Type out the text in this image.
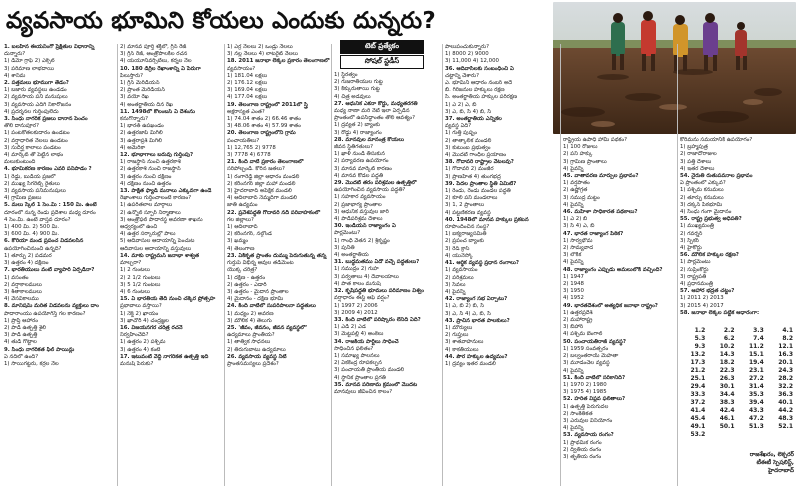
వ్యవసాయ భూమిని కోయలు ఎందుకు దున్నరు?
టెట్ ప్రత్యేకం
సోషల్ స్టడీస్

1. బలహీన ఈయనింగో ప్రేక్షితుల విధానాన్ని

దున్నారు?

1) డిమో గ్రాఫ్ 2) ఎక్సెల్

3) పరిమాణ లాభదాయి

4) శానిమ

2. పత్తమలు భూముగా తేడం?

1) బజారు వ్యవస్థలు ఉండడం

2) వ్యవసాయ పని మనుషులు

3) వ్యవసాయ ఎదిగి నికారోజనం

4) ప్రదర్శనల గుర్తింపులేదు

3. సింధు నాగరిక ప్రజలు దానాన పెంచం

తొలి దానుపూర?

1) పంటకోతలకుదారం ఉండటం

2) వర్షాధారిత నేలలు ఉండటం

3) సుదీర్ఘ కాలాలు పండటం

4) మార్కెట్ తో పెట్టిన లాభం

మలుకుంటుంది

4. భూమికరణ కారణం ఎవరి పనిపాడం ?

1) రెడ్డు, బుడియ ప్రజలో

2) ముఖ్య సిగరెట్స్ రైతులు

3) వ్యవసాయ పనిమనుషులు

4) గ్రామీణ ప్రజలు

5. మలు స్కేల్ 1 సెం.మీ : 150 మీ. ఉంటే

దూరంలో నున్న రెండు ప్రదేశాల మధ్య దూరం

4 సెం.మీ. ఉంటే వాస్తవ దూరం?

1) 400 మీ. 2) 500 మీ.

3) 600 మీ. 4) 900 మీ.

6. కొరియా మండ ప్రపంచ విడవలసిన

ఉపయోగించినుంచి ఉన్నది?

1) తూర్పు 2) పడమర

3) ఉత్తరం 4) దక్షిణం

7. భారతీయులు వంటి వ్యాపారి ఏర్పడినా?

1) వసంతం

2) వర్షాకాలములు

3) శీతాకాలములు

4) వేసవికాలము

8. మానిషమ్ మరిత విడవలను వ్యక్తులు దాం

పాదారాంయు ఉపయోగిస్తే గల కారణం?

1) ప్రాప్తి ఆహారం

2) పాడి ఉత్పత్తి శైలి

3) పాడి ఉత్పత్తి

4) తుడి గొట్టాల

9. సింధు నాగరికత ఫిల్ పాయిన్లు

ఏ నదిలో ఉంది?

1) సాయిగట్టరు, కర్రల నేల

2) మానవ పూర్తి శక్తిలో, గ్రీన్ రేజ్

3) గ్రీన్ రేజ్, ఆంత్రోపాలకిల రచన

4) యయూనివర్సిటీలు, కర్నల నేల

10. 180 డిగ్రీల రేఖాంశాన్ని ఏ పేరుగా

పిలుస్తారు?

1) గ్రీన్ మెరిడియన్

2) ప్రాంత మెరిడియన్

3) వయో రేఖ

4) అంతర్జాతీయ దిన రేఖ

11. 1498లో కొలంబస్ ఏ దేశంను

కనుగొన్నారు?

1) భారత్ ఉపఖండం

2) ఉత్తరజాప్ మిగిలి

3) ఉత్తరాప్రశ్ మిగిలి

4) అమెరికా

12. భూభాగాలు బరువు గుర్తింపు?

1) రాజస్థాన్ నుంచి ఉత్తరకాశి

2) ఉత్తరకాశి నుంచి రాజస్థాన్

3) ఉత్తరం నుంచి దక్షిణం

4) దక్షిణం నుంచి ఉత్తరం

13. పాక్షిత ఫ్యాడ్ మనాలు ఎక్కువగా ఉండే

రేఖాంశాలు గుర్తించాలంటే కారణం?

1) ఉపరితలాల మార్గాలు

2) ఉన్నోల్ స్ఫూర్ నిర్మాణాలు

3) ఆంత్రోఫల్ పాదారస్థ అవరణా శాఖను

ఆధ్వర్యంలో ఉంచి

4) ఉత్తర సర్కారుల్లో పాలు

5) ఆదివాసుల ఆదాయాన్ని పెంచుట

ఆదివాసుల ఆదాయాన్ని వస్తువులు

14. మాకు రాష్ట్రమన్ జనాభా శాశ్వత

మాల్చరా?

1) 2 గుంటలు

2) 2 1/2 గుంటలు

3) 5 1/2 గుంటలు

4) 6 గుంటలు

15. ఏ భారతీయ తేదీ నుంచి చక్కెర ప్రోత్సహ

ప్రభావాలు వస్తాయి?

1) నెక్డ్ 2) ఖాయం

3) ఖాచోరీ 4) చంద్రజ్ఞల

16. విజయనగర చరిత్ర రచనే

నిర్వహించేది?

1) ఉత్తరం 2) పశ్చిమ

3) ఉత్తరం 4) కంటె

17. ఇటువంటి వేద్దీ నాగరికత ఉత్పత్తి ఇది

మనుష్ పేరుకు?

1) ఎర్ర నేలలు 2) ఒండ్రు నేలలు

3) నల్ల నేలలు 4) లాటరైట్ నేలలు

18. 2011 జనాభా లెక్కల ప్రకారం తెలంగాణలో

వ్యవసాయం?

1) 181.04 లక్షలు

2) 176.12 లక్షలు

3) 169.04 లక్షలు

4) 177.04 లక్షలు

19. తెలంగాణ రాష్ట్రంలో 2011లో స్త్రీ

అక్షరాస్యత ఎంత?

1) 74.04 శాతం 2) 66.46 శాతం

3) 48.06 శాతం 4) 57.99 శాతం

20. తెలంగాణ రాష్ట్రంలోని గ్రామ

పంచాయతీలు?

1) 12,765 2) 9778

3) 7778 4) 6778

21. కింది వాటి ప్రకారం తెలంగాణలో

సరిపోల్చండి. కోరిన జతలు?

1) రంగారెడ్డి జిల్లా ఆధారం మండలి

2) కరీంనగర్ జిల్లా మహా మండలి

3) హైదరాబాద్ అపేక్షిక మండలి

4) ఆదిలాబాద్ నెమ్మదిగా మండలి

జాతి ఉద్యమం

22. ప్రవేశపద్ధతి గోదావరి నదీ పరివాహకంలో

గల జిల్లాలు?

1) ఆదిలాబాద్

2) కరీంనగర్, నల్గొండ

3) ఖమ్మం

4) తెలంగాణ

23. ఏకీకృత ప్రాంతం దుమ్ము పెరుగుతున్న తన్న

గుర్తుప్ విభిన్న ఆవుల తడిమెంట

యొక్క చరిత్ర?

1) దక్షిణ - ఉత్తరం

2) ఉత్తరం - ఎడారి

3) ఉత్తరం - మైదాన ప్రాంతాల

4) మైదానం - దక్షిణ భూమి

24. కింది వాటిలో సుపరిపాలనా పద్ధతులు

1) మధ్యం 2) అవరణ

3) మౌలిక 4) తెలుగు

25. 'జీవం, జీవనం, జీవన వ్యవస్థలో'

ఉద్యమాలు ప్రాంతీయ?

1) తాత్విక సాధనలు

2) తిరుగుబాటు ఉద్యమాలు

26. వ్యవసాయ వ్యవస్థ నీటి

ప్రాంతసమస్యలు ప్రదేశం?

1) స్థిరత్వం

2) గుజరాతీయుల గుట్ట

3) కిక్కురుతాయి గుట్ట

4) చిత్ర అడవులు

27. ఆధునిక ఎకనా కోర్టు, మధ్యతరగతి

మధ్య నాణా మరి నేటి ఇలా ఏర్పడిన

ప్రాంతంలో ఉపసిద్ధాంతం తొలి ఆవశ్యం?

1) ద్రవ్యత 2) బ్యాంకు

3) రోడ్డు 4) రాజ్యాంగం

28. మానవుల మానంత్ర కోయలు

జీవన స్థితిగతులు?

1) ఖాళీ నుండి తీసుకున

2) పర్యావరణ ఉపయోగం

3) మానవ మార్కెట్ కారణం

4) మానవ కోడల పద్ధతి

29. మొదటి తరం పరిశ్రమల ఉత్పత్తిలో

ఉపయోగించిన వ్యవసాయ పద్ధతి?

1) సహకార వ్యవసాయం

2) ప్రజాభాగ్య ప్రాంతాల

3) ఆధునిక వస్తువుల జారి

4) పాడిపరిశ్రమ దేశాలు

30. ఇండియన్ రాజ్యాంగం ఏ

పార్లమెంటు?

1) గాంధీ వేతన 2) శ్రీకృష్ణం

3) పునీతి

4) అంతర్జాతీయ

31. బుద్ధమతము ఏదో వచ్చే పద్ధతులు?

1) సముద్రం 2) గుహ

3) పర్వతాలు 4) దేవాలయాలు

4) పాత కాలం మనుష్

32. కృషిపద్ధతి భూమలు పరిమాణం విశ్వం

వర్షాధారం ఈస్ట్ ఆఫ్ వర్షం?

1) 1997 2) 2006

3) 2009 4) 2012

33. కింది వాటిలో పరిష్కారం లేనిది ఏది?

1) ఎడి 2) ఎడ

3) మెట్టపల్లి 4) అంకెలు

34. రాజకీయ పార్టీలు సాధించే

సాధించిన ఫలితం?

1) సమాఖ్య పాలనలు

2) ఏకకేంద్ర రూపకల్పన

3) పంచాయతీ ప్రాంతీయ మండలి

4) స్థానిక ప్రాంతాల ప్రగతి

35. మానవ పరిణామ క్రమంలో మొదట

మానవులు జీవించిన కాలం?

పాలుపంచుకున్నారు?

1) 8000 2) 9000

3) 11,000 4) 12,000

36. ఆదివాసీలకు సంబంధించి ఏ

చట్టాన్ని చేశారు?

ఎ. భూమిని ఆధారం నంబర్ అదే

బి. గిరిజనుల హక్కులు రక్షణ

సి. అంతర్జాతీయ హక్కుల పరిరక్షణ

1) ఎ 2) ఎ, బి

3) ఎ, బి, సి 4) బి, సి

37. అంతర్జాతీయ ఎన్నికల

వ్యవస్థ ఏది?

1) గుత్తి పుష్పం

2) తాత్కాలిక మండలి

3) కుటుంబ ప్రభుత్వం

4) మొదటి గాంధీల ప్రయాణం

38. గోదావరి రాష్ట్రాల వేటలవు?

1) గోదావరి 2) మంజీర

3) ప్రాణహిత 4) తుంగభద్ర

39. పేదల ప్రాంతాల స్థితి ఏమిటి?

1) రెండు, రెండు మండల పద్ధతి

2) కూలి పని మండలాలు

3) 1, 2 ప్రాంతాలు

4) పట్టణీకరణ వ్యవస్థ

40. 1948లో మానవ హక్కుల ప్రకటన

రూపొందించిన సంస్థ?

1) ఐక్యరాజ్యసమితి

2) ప్రపంచ బ్యాంకు

3) రెడ్ క్రాస్

4) యునెస్కో

41. ఆర్థిక వ్యవస్థ ప్రధాన రంగాలు?

1) వ్యవసాయం

2) పరిశ్రమలు

3) సేవలు

4) పైవన్నీ

42. రాజ్యాంగ సభ ఏర్పాటు?

1) ఎ, బి 2) బి, సి

3) ఎ, సి 4) ఎ, బి, సి

43. ప్రాచీన భారత పాలకులు?

1) మౌర్యులు

2) గుప్తులు

3) శాతవాహనులు

4) కాకతీయులు

44. పౌర హక్కుల ఉద్యమం?

1) ద్రవ్యం ఇతర మండలి

రాష్ట్రీయ ఉపాధి హామీ పథకం?

1) 100 రోజులు

2) పని హక్కు

3) గ్రామీణ ప్రాంతాలు

4) పైవన్నీ

45. వాతావరణ మార్పుల ప్రభావం?

1) వర్షపాతం

2) ఉష్ణోగ్రత

3) సముద్ర మట్టం

4) పైవన్నీ

46. మహిళా సాధికారత పథకాలు?

1) ఎ 2) బి

3) సి 4) ఎ, బి

47. భారత రాజ్యాంగ పీఠిక?

1) సార్వభౌమ

2) సామ్యవాద

3) లౌకిక

4) పైవన్నీ

48. రాజ్యాంగం ఎప్పుడు అమలులోకి వచ్చింది?

1) 1947

2) 1948

3) 1950

4) 1952

49. భారతదేశంలో అత్యధిక జనాభా రాష్ట్రం?

1) ఉత్తరప్రదేశ్

2) మహారాష్ట్ర

3) బీహార్

4) పశ్చిమ బెంగాల్

50. పంచాయతీరాజ్ వ్యవస్థ?

1) 1959 సంవత్సరం

2) బల్వంతరాయ్ మెహతా

3) మూడంచెల వ్యవస్థ

4) పైవన్నీ

51. కింది వాటిలో సరికానిది?

1) 1970 2) 1980

3) 1975 4) 1985

52. హరిత విప్లవ ఫలితాలు?

1) ఉత్పత్తి పెరుగుదల

2) సాంకేతికత

3) ఎరువుల వినియోగం

4) పైవన్నీ

53. వ్యవసాయ రంగం?

1) ప్రాథమిక రంగం

2) ద్వితీయ రంగం

3) తృతీయ రంగం

కోరిమను సమయానికి ఉపయోగం?

1) బ్రహ్మపుత్ర

2) రాజాదోరాజుల

3) పత్తి దేశాలు

4) ఇతర దేశాలు

54. నైరుతి రుతుపవనాల ప్రభావం

ఏ ప్రాంతంలో ఎక్కువ?

1) పశ్చిమ కనుమలు

2) తూర్పు కనుమలు

3) దక్కన్ పీఠభూమి

4) సింధు గంగా మైదానం

55. రాష్ట్ర ప్రభుత్వ అధిపతి?

1) ముఖ్యమంత్రి

2) గవర్నర్

3) స్పీకర్

4) హైకోర్టు

56. మౌలిక హక్కుల రక్షణ?

1) పార్లమెంటు

2) సుప్రీంకోర్టు

3) రాష్ట్రపతి

4) ప్రధానమంత్రి

57. ఆహార భద్రత చట్టం?

1) 2011 2) 2013

3) 2015 4) 2017

58. జనాభా లెక్కల పట్టిక ఆధారంగా:

1.2	2.2	3.3	4.1
5.3	6.2	7.4	8.2
9.3	10.2	11.2	12.1
13.2	14.3	15.1	16.3
17.3	18.2	19.4	20.1
21.2	22.3	23.1	24.3
25.1	26.3	27.2	28.2
29.4	30.1	31.4	32.2
33.3	34.4	35.3	36.3
37.2	38.3	39.4	40.1
41.4	42.4	43.3	44.2
45.4	46.1	47.2	48.3
49.1	50.1	51.3	52.1
53.2
రాజశేఖరం, లెక్చరర్
టీఈటీ స్పెషలిస్ట్,
హైదరాబాద్
